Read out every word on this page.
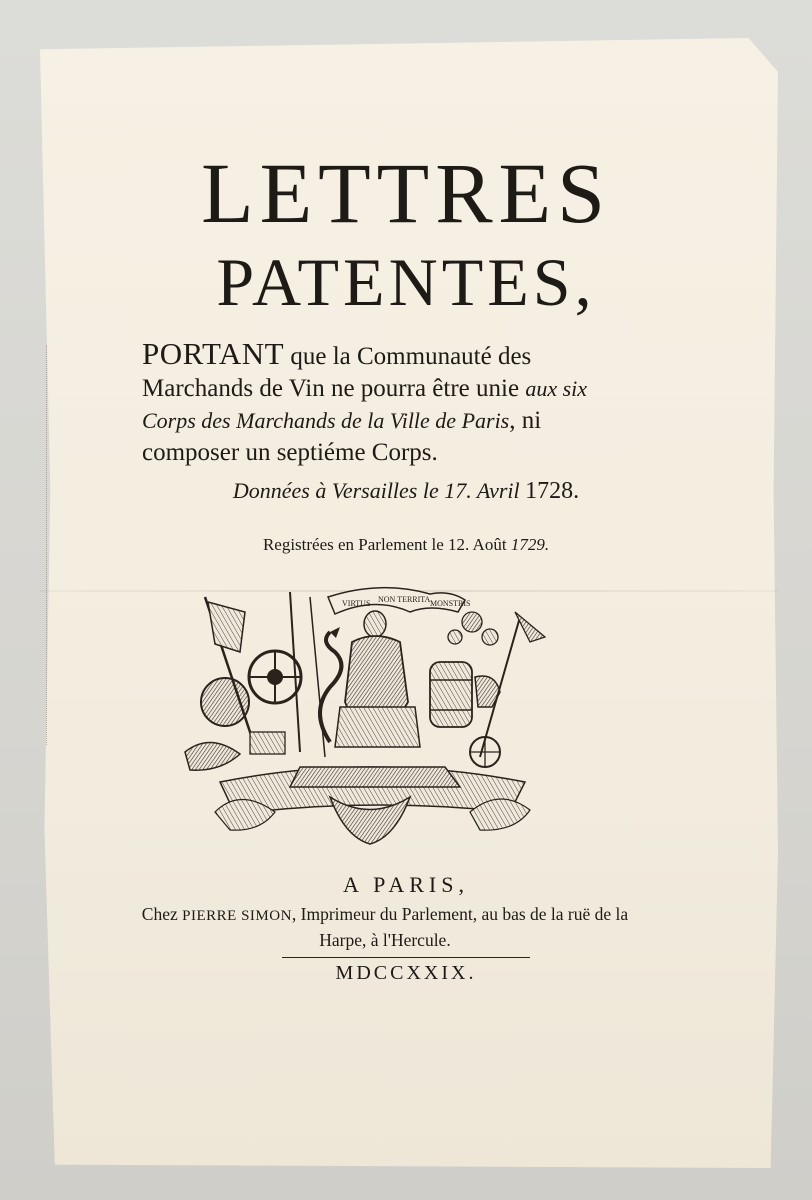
LETTRES
PATENTES,
PORTANT que la Communauté des Marchands de Vin ne pourra être unie aux six Corps des Marchands de la Ville de Paris, ni composer un septiéme Corps.
Données à Versailles le 17. Avril 1728.
Registrées en Parlement le 12. Août 1729.
VIRTUS NON TERRITA MONSTRIS
A PARIS,
Chez PIERRE SIMON, Imprimeur du Parlement, au bas de la ruë de la Harpe, à l'Hercule.
MDCCXXIX.
